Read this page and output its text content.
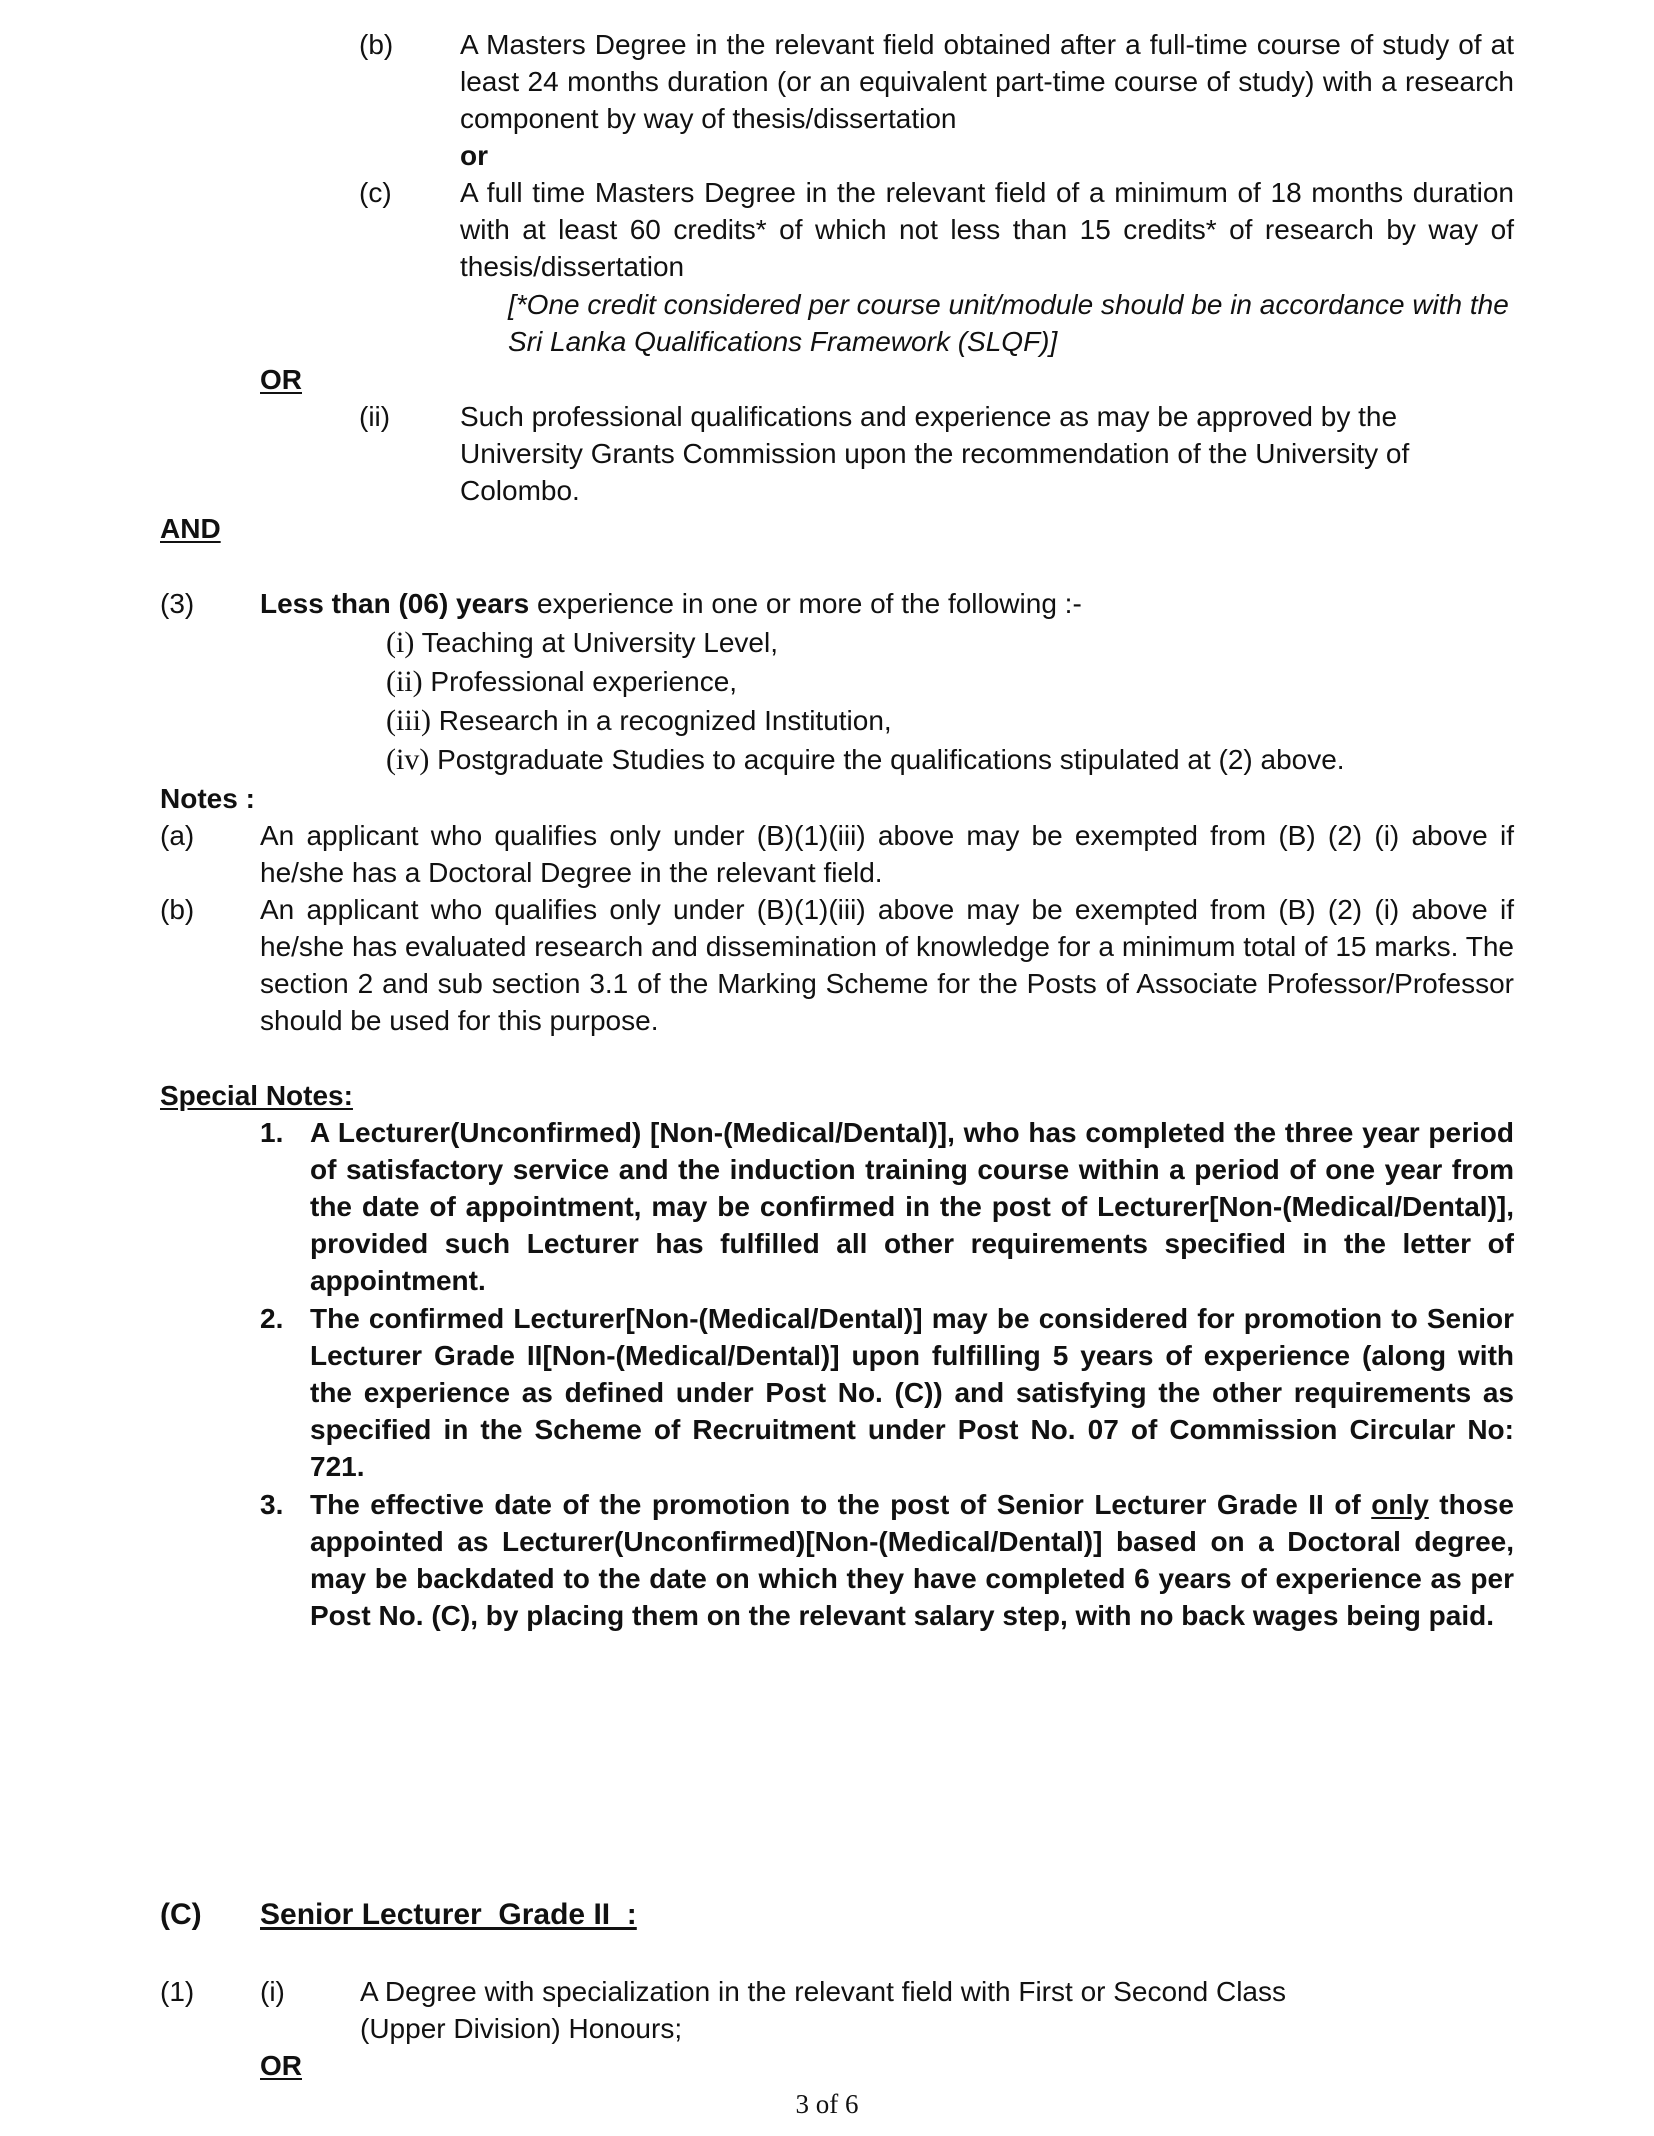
(b) A Masters Degree in the relevant field obtained after a full-time course of study of at least 24 months duration (or an equivalent part-time course of study) with a research component by way of thesis/dissertation
or
(c) A full time Masters Degree in the relevant field of a minimum of 18 months duration with at least 60 credits* of which not less than 15 credits* of research by way of thesis/dissertation
[*One credit considered per course unit/module should be in accordance with the Sri Lanka Qualifications Framework (SLQF)]
OR
(ii) Such professional qualifications and experience as may be approved by the University Grants Commission upon the recommendation of the University of Colombo.
AND
(3) Less than (06) years experience in one or more of the following :-
(i) Teaching at University Level,
(ii) Professional experience,
(iii) Research in a recognized Institution,
(iv) Postgraduate Studies to acquire the qualifications stipulated at (2) above.
Notes :
(a) An applicant who qualifies only under (B)(1)(iii) above may be exempted from (B) (2) (i) above if he/she has a Doctoral Degree in the relevant field.
(b) An applicant who qualifies only under (B)(1)(iii) above may be exempted from (B) (2) (i) above if he/she has evaluated research and dissemination of knowledge for a minimum total of 15 marks. The section 2 and sub section 3.1 of the Marking Scheme for the Posts of Associate Professor/Professor should be used for this purpose.
Special Notes:
1. A Lecturer(Unconfirmed) [Non-(Medical/Dental)], who has completed the three year period of satisfactory service and the induction training course within a period of one year from the date of appointment, may be confirmed in the post of Lecturer[Non-(Medical/Dental)], provided such Lecturer has fulfilled all other requirements specified in the letter of appointment.
2. The confirmed Lecturer[Non-(Medical/Dental)] may be considered for promotion to Senior Lecturer Grade II[Non-(Medical/Dental)] upon fulfilling 5 years of experience (along with the experience as defined under Post No. (C)) and satisfying the other requirements as specified in the Scheme of Recruitment under Post No. 07 of Commission Circular No: 721.
3. The effective date of the promotion to the post of Senior Lecturer Grade II of only those appointed as Lecturer(Unconfirmed)[Non-(Medical/Dental)] based on a Doctoral degree, may be backdated to the date on which they have completed 6 years of experience as per Post No. (C), by placing them on the relevant salary step, with no back wages being paid.
(C) Senior Lecturer  Grade II  :
(1) (i)	A Degree with specialization in the relevant field with First or Second Class (Upper Division) Honours;
OR
3 of 6
